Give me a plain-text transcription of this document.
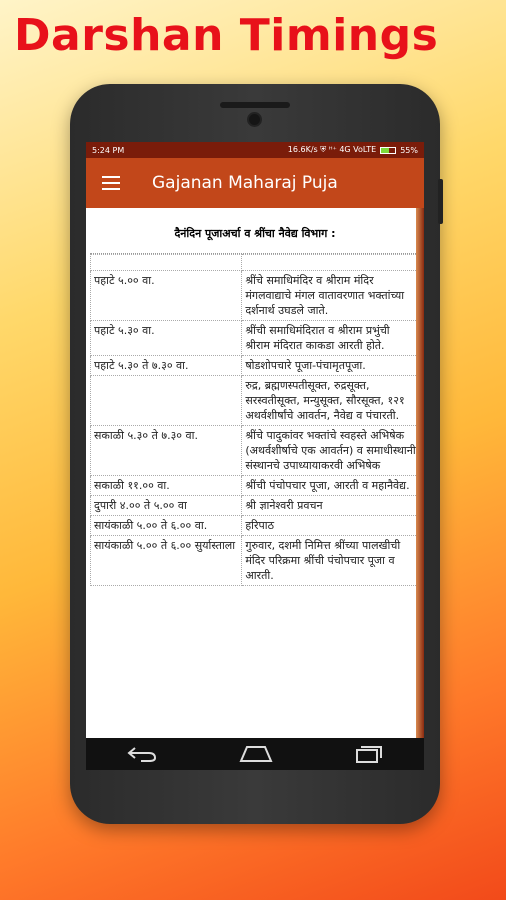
Darshan Timings
5:24 PM	16.6K/s ⛨ ᴴ⁺ 4G VoLTE	55%
Gajanan Maharaj Puja
दैनंदिन पूजाअर्चा व श्रींचा नैवेद्य विभाग :

पहाटे ५.०० वा.	श्रींचे समाधिमंदिर व श्रीराम मंदिर मंगलवाद्याचे मंगल वातावरणात भक्तांच्या दर्शनार्थ उघडले जाते.
पहाटे ५.३० वा.	श्रींची समाधिमंदिरात व श्रीराम प्रभुंची श्रीराम मंदिरात काकडा आरती होते.
पहाटे ५.३० ते ७.३० वा.	षोडशोपचारे पूजा-पंचामृतपूजा.
	रुद्र, ब्रह्मणस्पतीसूक्त, रुद्रसूक्त, सरस्वतीसूक्त, मन्युसूक्त, सौरसूक्त, १२१ अथर्वशीर्षांचे आवर्तन, नैवेद्य व पंचारती.
सकाळी ५.३० ते ७.३० वा.	श्रींचे पादुकांवर भक्तांचे स्वहस्ते अभिषेक (अथर्वशीर्षाचे एक आवर्तन) व समाधीस्थानी संस्थानचे उपाध्यायाकरवी अभिषेक
सकाळी ११.०० वा.	श्रींची पंचोपचार पूजा, आरती व महानैवेद्य.
दुपारी ४.०० ते ५.०० वा	श्री ज्ञानेश्वरी प्रवचन
सायंकाळी ५.०० ते ६.०० वा.	हरिपाठ
सायंकाळी ५.०० ते ६.०० सुर्यास्ताला	गुरुवार, दशमी निमित्त श्रींच्या पालखीची मंदिर परिक्रमा श्रींची पंचोपचार पूजा व आरती.
